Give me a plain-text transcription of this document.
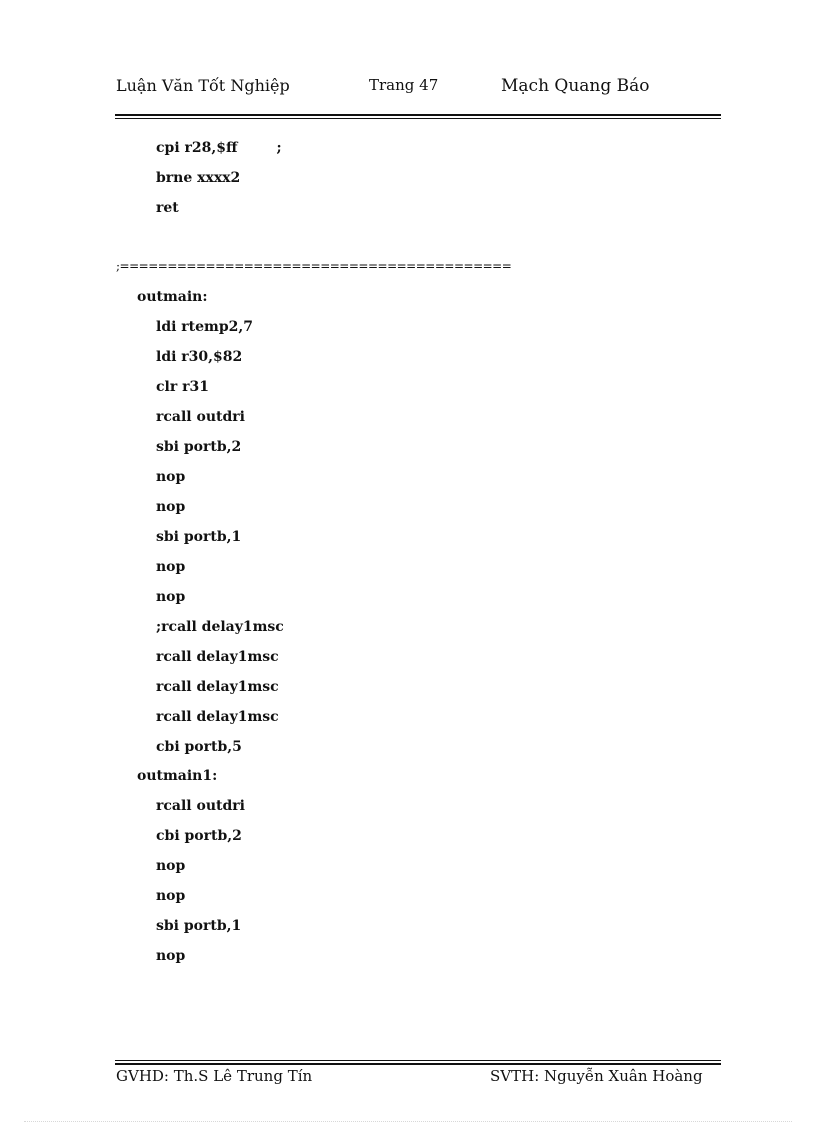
Luận Văn Tốt Nghiệp	Trang 47	Mạch Quang Báo
cpi r28,$ff        ;
brne xxxx2
ret
;=========================================
outmain:
ldi rtemp2,7
ldi r30,$82
clr r31
rcall outdri
sbi portb,2
nop
nop
sbi portb,1
nop
nop
;rcall delay1msc
rcall delay1msc
rcall delay1msc
rcall delay1msc
cbi portb,5
outmain1:
rcall outdri
cbi portb,2
nop
nop
sbi portb,1
nop
GVHD: Th.S Lê Trung Tín	SVTH: Nguyễn Xuân Hoàng
